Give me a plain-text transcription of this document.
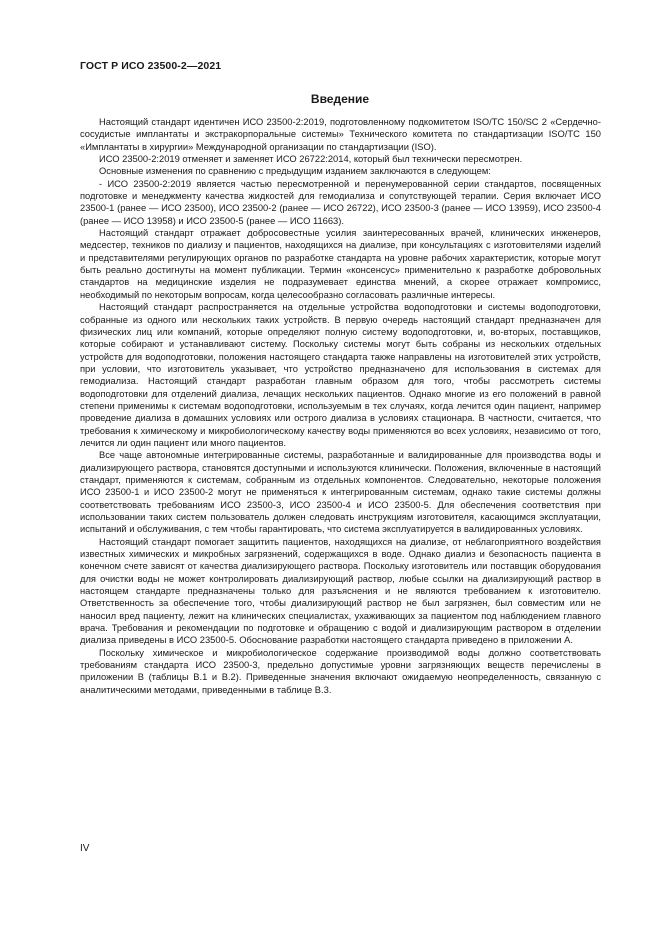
ГОСТ Р ИСО 23500-2—2021
Введение

Настоящий стандарт идентичен ИСО 23500-2:2019, подготовленному подкомитетом ISO/TC 150/SC 2 «Сердечно-сосудистые имплантаты и экстракорпоральные системы» Технического комитета по стандартизации ISO/TC 150 «Имплантаты в хирургии» Международной организации по стандартизации (ISO).

ИСО 23500-2:2019 отменяет и заменяет ИСО 26722:2014, который был технически пересмотрен.

Основные изменения по сравнению с предыдущим изданием заключаются в следующем:

- ИСО 23500-2:2019 является частью пересмотренной и перенумерованной серии стандартов, посвященных подготовке и менеджменту качества жидкостей для гемодиализа и сопутствующей терапии. Серия включает ИСО 23500-1 (ранее — ИСО 23500), ИСО 23500-2 (ранее — ИСО 26722), ИСО 23500-3 (ранее — ИСО 13959), ИСО 23500-4 (ранее — ИСО 13958) и ИСО 23500-5 (ранее — ИСО 11663).

Настоящий стандарт отражает добросовестные усилия заинтересованных врачей, клинических инженеров, медсестер, техников по диализу и пациентов, находящихся на диализе, при консультациях с изготовителями изделий и представителями регулирующих органов по разработке стандарта на уровне рабочих характеристик, которые могут быть реально достигнуты на момент публикации. Термин «консенсус» применительно к разработке добровольных стандартов на медицинские изделия не подразумевает единства мнений, а скорее отражает компромисс, необходимый по некоторым вопросам, когда целесообразно согласовать различные интересы.

Настоящий стандарт распространяется на отдельные устройства водоподготовки и системы водоподготовки, собранные из одного или нескольких таких устройств. В первую очередь настоящий стандарт предназначен для физических лиц или компаний, которые определяют полную систему водоподготовки, и, во-вторых, поставщиков, которые собирают и устанавливают систему. Поскольку системы могут быть собраны из нескольких отдельных устройств для водоподготовки, положения настоящего стандарта также направлены на изготовителей этих устройств, при условии, что изготовитель указывает, что устройство предназначено для использования в системах для гемодиализа. Настоящий стандарт разработан главным образом для того, чтобы рассмотреть системы водоподготовки для отделений диализа, лечащих нескольких пациентов. Однако многие из его положений в равной степени применимы к системам водоподготовки, используемым в тех случаях, когда лечится один пациент, например проведение диализа в домашних условиях или острого диализа в условиях стационара. В частности, считается, что требования к химическому и микробиологическому качеству воды применяются во всех условиях, независимо от того, лечится ли один пациент или много пациентов.

Все чаще автономные интегрированные системы, разработанные и валидированные для производства воды и диализирующего раствора, становятся доступными и используются клинически. Положения, включенные в настоящий стандарт, применяются к системам, собранным из отдельных компонентов. Следовательно, некоторые положения ИСО 23500-1 и ИСО 23500-2 могут не применяться к интегрированным системам, однако такие системы должны соответствовать требованиям ИСО 23500-3, ИСО 23500-4 и ИСО 23500-5. Для обеспечения соответствия при использовании таких систем пользователь должен следовать инструкциям изготовителя, касающимся эксплуатации, испытаний и обслуживания, с тем чтобы гарантировать, что система эксплуатируется в валидированных условиях.

Настоящий стандарт помогает защитить пациентов, находящихся на диализе, от неблагоприятного воздействия известных химических и микробных загрязнений, содержащихся в воде. Однако диализ и безопасность пациента в конечном счете зависят от качества диализирующего раствора. Поскольку изготовитель или поставщик оборудования для очистки воды не может контролировать диализирующий раствор, любые ссылки на диализирующий раствор в настоящем стандарте предназначены только для разъяснения и не являются требованием к изготовителю. Ответственность за обеспечение того, чтобы диализирующий раствор не был загрязнен, был совместим или не наносил вред пациенту, лежит на клинических специалистах, ухаживающих за пациентом под наблюдением главного врача. Требования и рекомендации по подготовке и обращению с водой и диализирующим раствором в отделении диализа приведены в ИСО 23500-5. Обоснование разработки настоящего стандарта приведено в приложении А.

Поскольку химическое и микробиологическое содержание производимой воды должно соответствовать требованиям стандарта ИСО 23500-3, предельно допустимые уровни загрязняющих веществ перечислены в приложении В (таблицы В.1 и В.2). Приведенные значения включают ожидаемую неопределенность, связанную с аналитическими методами, приведенными в таблице В.3.

IV
